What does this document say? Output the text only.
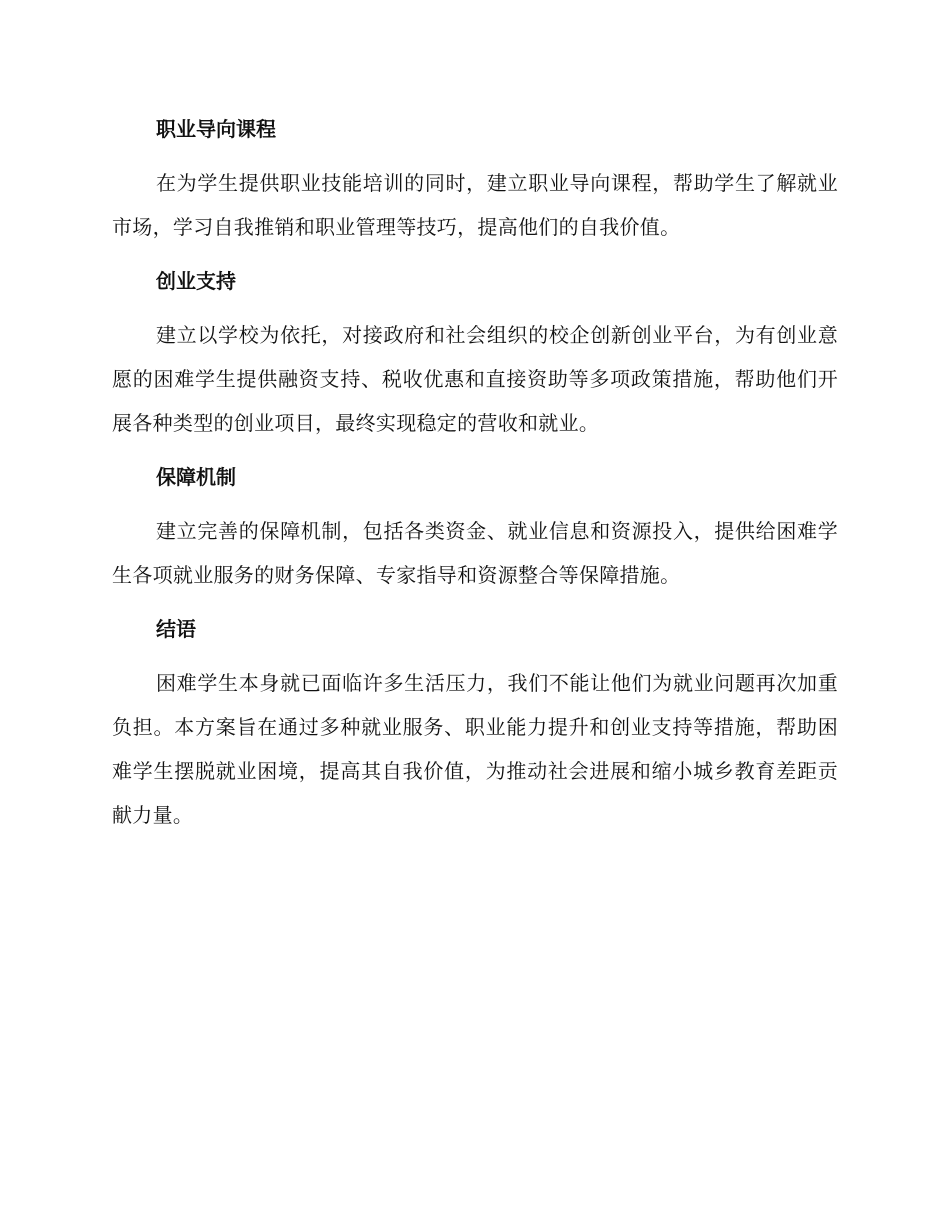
职业导向课程

在为学生提供职业技能培训的同时，建立职业导向课程，帮助学生了解就业市场，学习自我推销和职业管理等技巧，提高他们的自我价值。

创业支持

建立以学校为依托，对接政府和社会组织的校企创新创业平台，为有创业意愿的困难学生提供融资支持、税收优惠和直接资助等多项政策措施，帮助他们开展各种类型的创业项目，最终实现稳定的营收和就业。

保障机制

建立完善的保障机制，包括各类资金、就业信息和资源投入，提供给困难学生各项就业服务的财务保障、专家指导和资源整合等保障措施。

结语

困难学生本身就已面临许多生活压力，我们不能让他们为就业问题再次加重负担。本方案旨在通过多种就业服务、职业能力提升和创业支持等措施，帮助困难学生摆脱就业困境，提高其自我价值，为推动社会进展和缩小城乡教育差距贡献力量。
